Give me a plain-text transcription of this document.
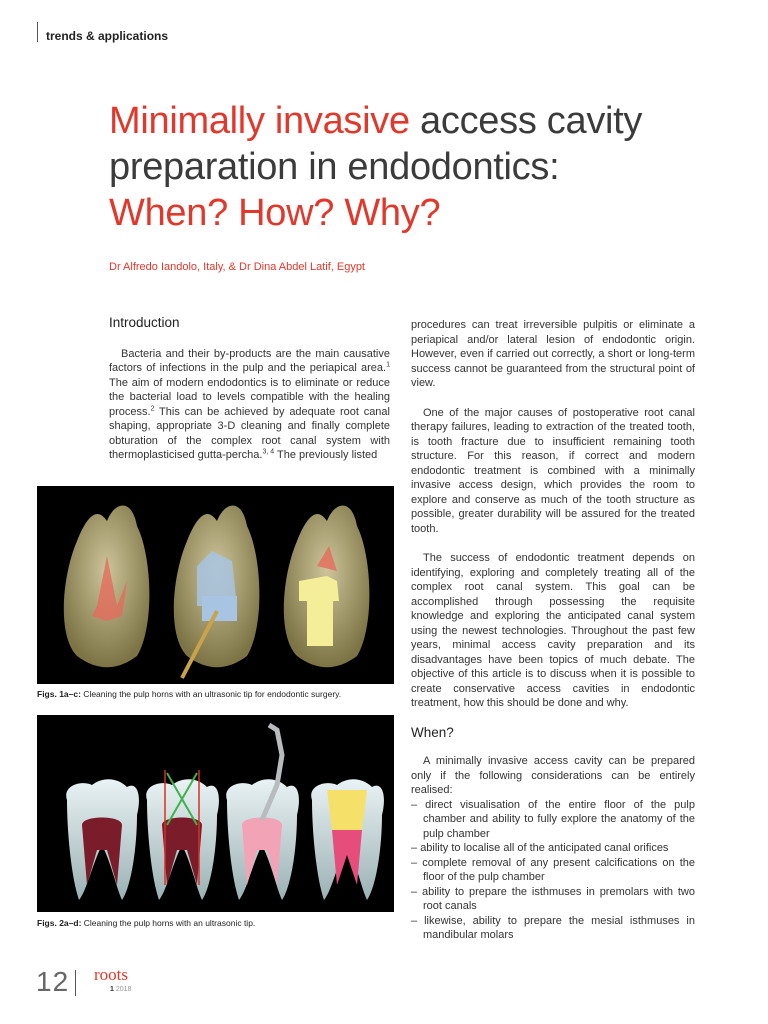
trends & applications
Minimally invasive access cavity
preparation in endodontics:
When? How? Why?
Dr Alfredo Iandolo, Italy, & Dr Dina Abdel Latif, Egypt
Introduction

Bacteria and their by-products are the main causative factors of infections in the pulp and the periapical area.$^1$ The aim of modern endodontics is to eliminate or reduce the bacterial load to levels compatible with the healing process.$^2$ This can be achieved by adequate root canal shaping, appropriate 3-D cleaning and finally complete obturation of the complex root canal system with thermoplasticised gutta-percha.$^{3, 4}$ The previously listed

Figs. 1a–c: Cleaning the pulp horns with an ultrasonic tip for endodontic surgery.
Figs. 2a–d: Cleaning the pulp horns with an ultrasonic tip.

procedures can treat irreversible pulpitis or eliminate a periapical and/or lateral lesion of endodontic origin. However, even if carried out correctly, a short or long-term success cannot be guaranteed from the structural point of view.

One of the major causes of postoperative root canal therapy failures, leading to extraction of the treated tooth, is tooth fracture due to insufficient remaining tooth structure. For this reason, if correct and modern endodontic treatment is combined with a minimally invasive access design, which provides the room to explore and conserve as much of the tooth structure as possible, greater durability will be assured for the treated tooth.

The success of endodontic treatment depends on identifying, exploring and completely treating all of the complex root canal system. This goal can be accomplished through possessing the requisite knowledge and exploring the anticipated canal system using the newest technologies. Throughout the past few years, minimal access cavity preparation and its disadvantages have been topics of much debate. The objective of this article is to discuss when it is possible to create conservative access cavities in endodontic treatment, how this should be done and why.

When?

A minimally invasive access cavity can be prepared only if the following considerations can be entirely realised:

– direct visualisation of the entire floor of the pulp chamber and ability to fully explore the anatomy of the pulp chamber
– ability to localise all of the anticipated canal orifices
– complete removal of any present calcifications on the floor of the pulp chamber
– ability to prepare the isthmuses in premolars with two root canals
– likewise, ability to prepare the mesial isthmuses in mandibular molars
12 roots
1 2018
